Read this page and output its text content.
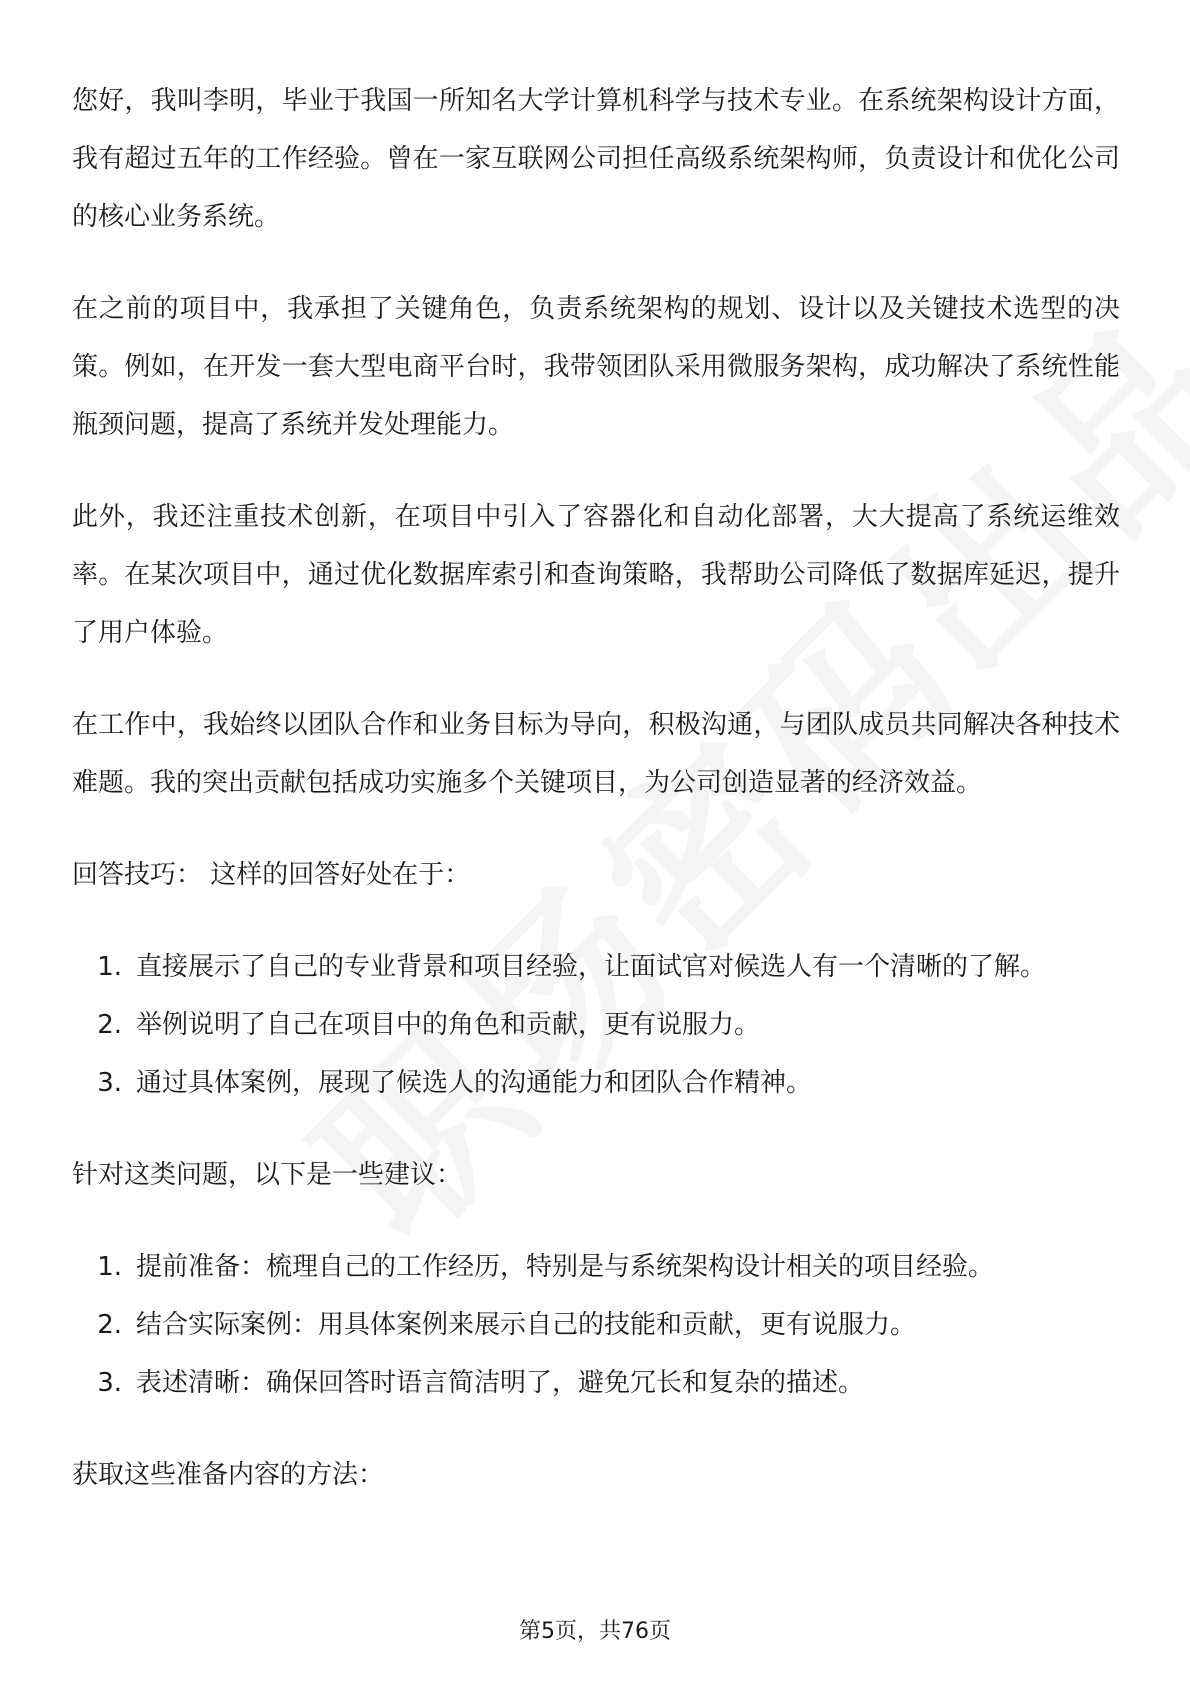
您好，我叫李明，毕业于我国一所知名大学计算机科学与技术专业。在系统架构设计方面，我有超过五年的工作经验。曾在一家互联网公司担任高级系统架构师，负责设计和优化公司的核心业务系统。

在之前的项目中，我承担了关键角色，负责系统架构的规划、设计以及关键技术选型的决策。例如，在开发一套大型电商平台时，我带领团队采用微服务架构，成功解决了系统性能瓶颈问题，提高了系统并发处理能力。

此外，我还注重技术创新，在项目中引入了容器化和自动化部署，大大提高了系统运维效率。在某次项目中，通过优化数据库索引和查询策略，我帮助公司降低了数据库延迟，提升了用户体验。

在工作中，我始终以团队合作和业务目标为导向，积极沟通，与团队成员共同解决各种技术难题。我的突出贡献包括成功实施多个关键项目，为公司创造显著的经济效益。

回答技巧： 这样的回答好处在于：

1. 直接展示了自己的专业背景和项目经验，让面试官对候选人有一个清晰的了解。
2. 举例说明了自己在项目中的角色和贡献，更有说服力。
3. 通过具体案例，展现了候选人的沟通能力和团队合作精神。

针对这类问题，以下是一些建议：

1. 提前准备：梳理自己的工作经历，特别是与系统架构设计相关的项目经验。
2. 结合实际案例：用具体案例来展示自己的技能和贡献，更有说服力。
3. 表述清晰：确保回答时语言简洁明了，避免冗长和复杂的描述。

获取这些准备内容的方法：

第5页，共76页
